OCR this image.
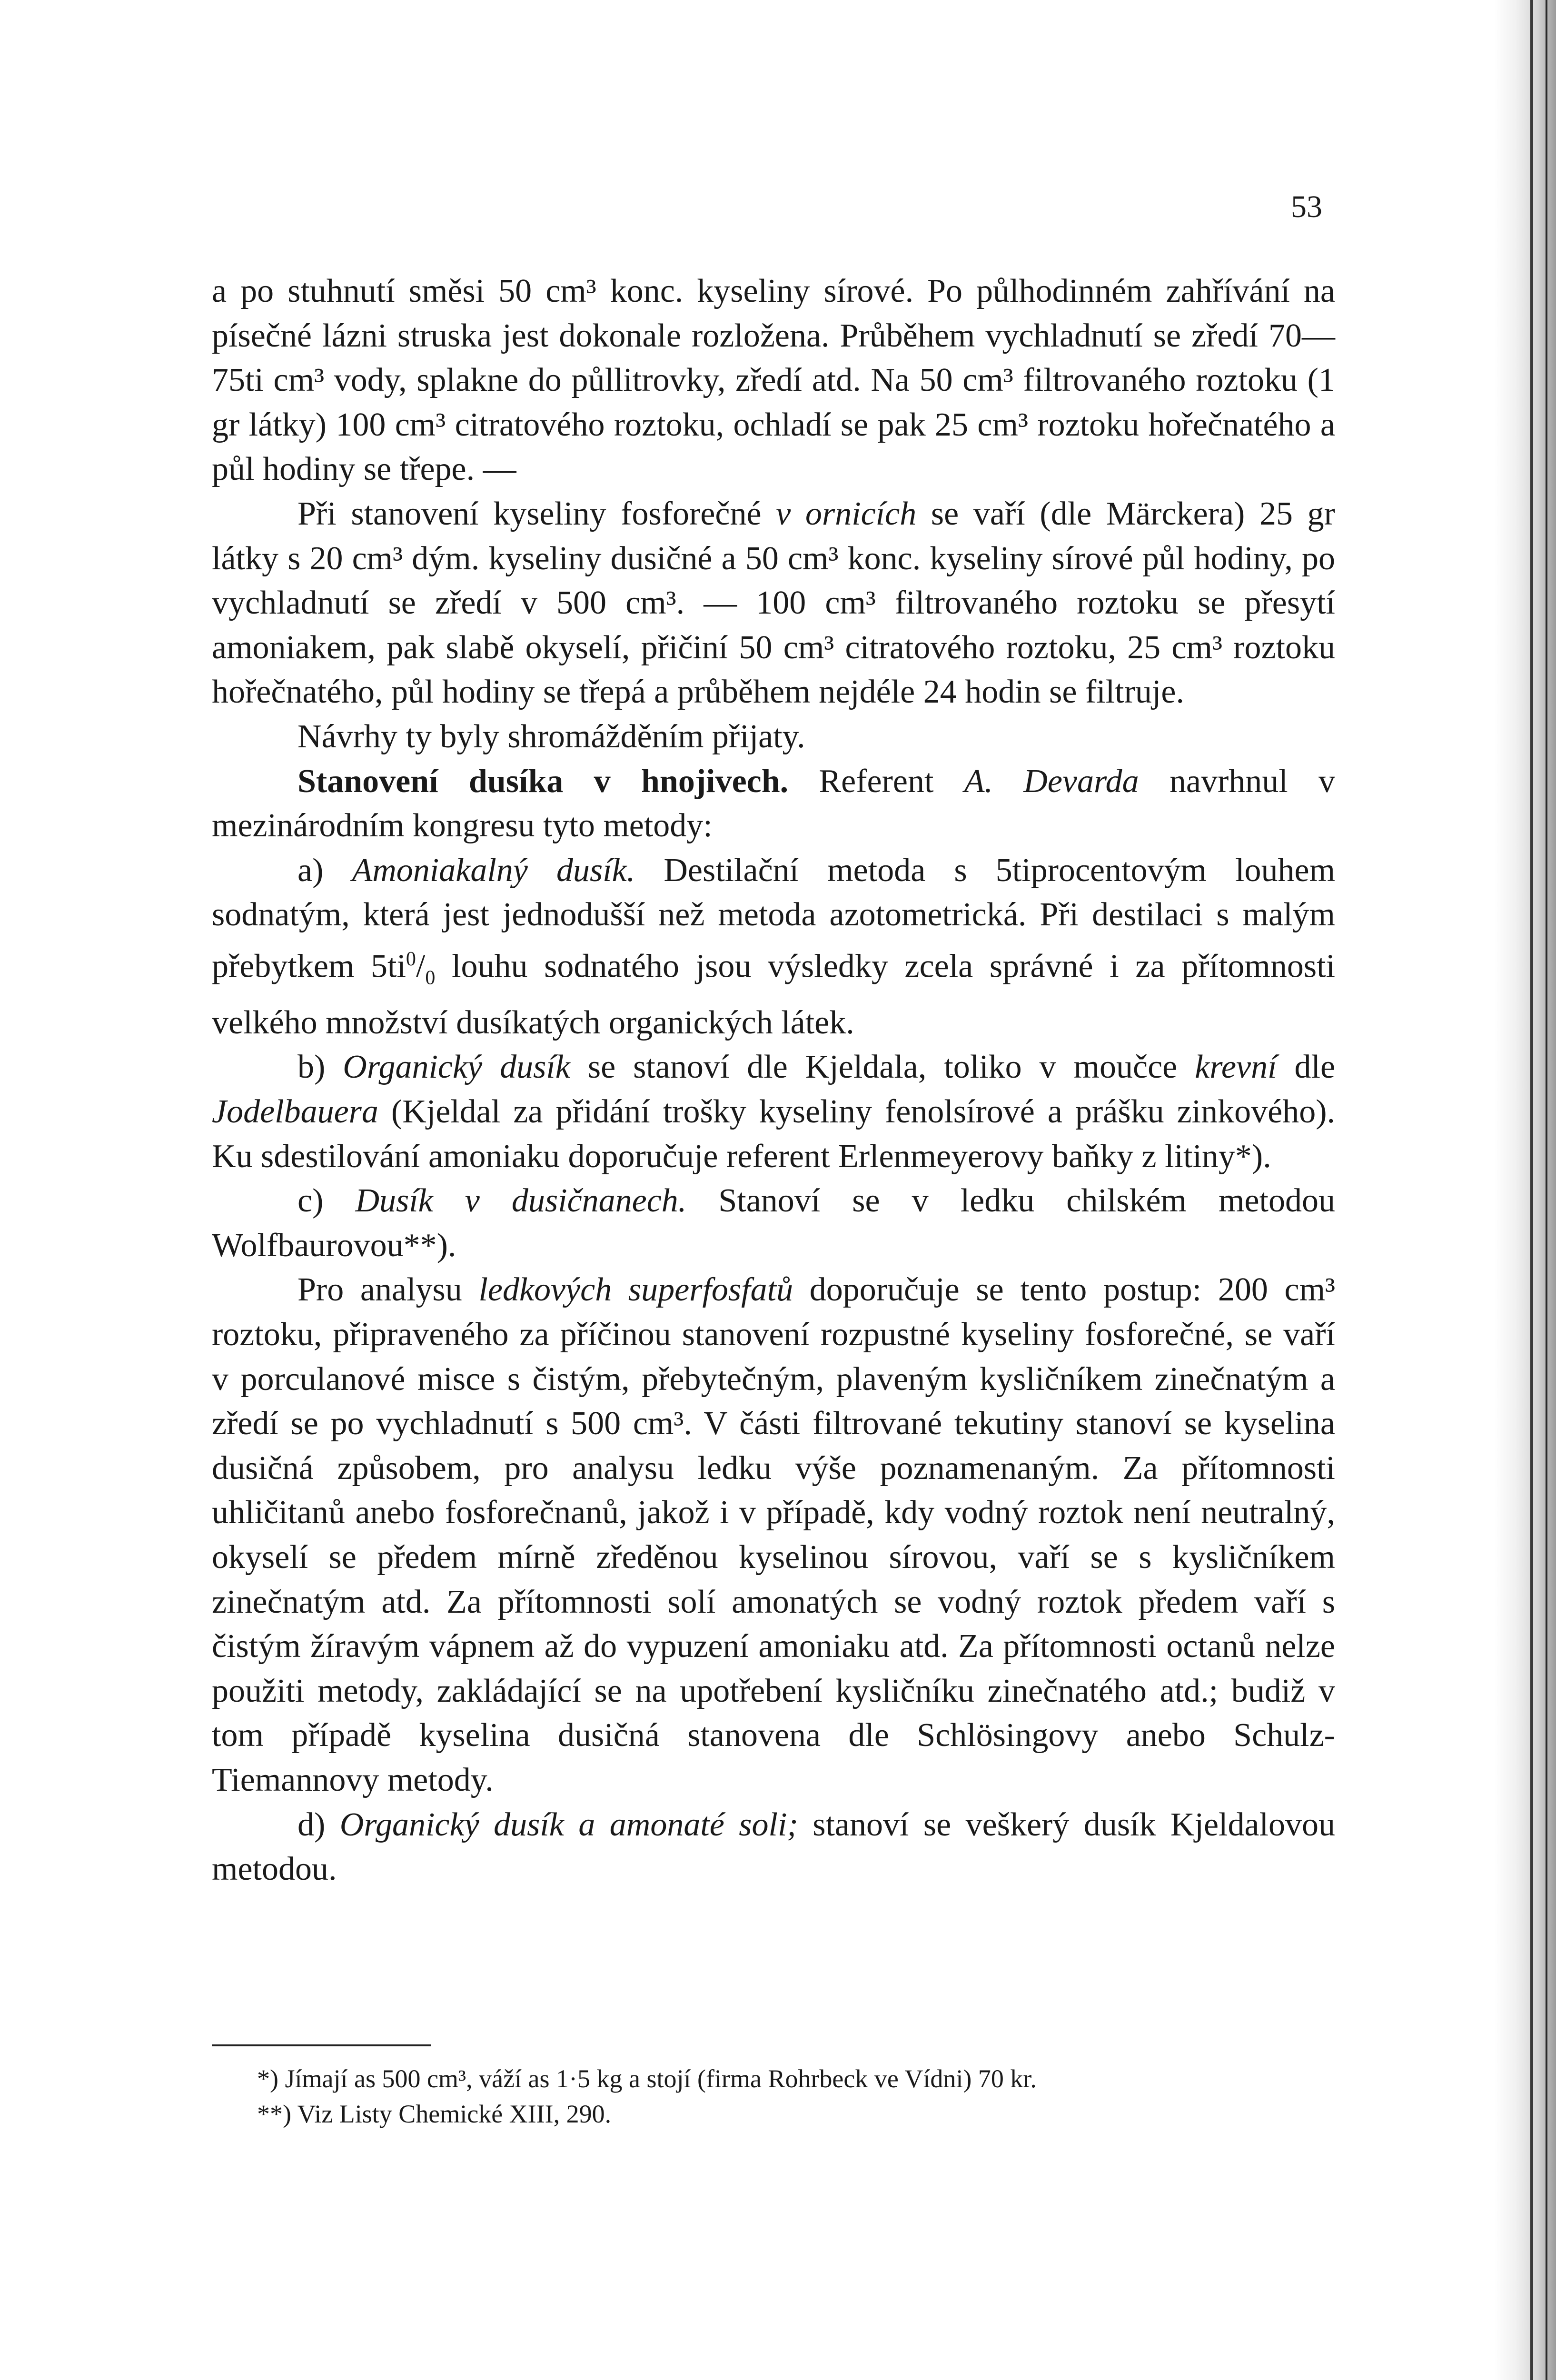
53

a po stuhnutí směsi 50 cm³ konc. kyseliny sírové. Po půlhodinném zahřívání na písečné lázni struska jest dokonale rozložena. Průběhem vychladnutí se zředí 70—75ti cm³ vody, splakne do půllitrovky, zředí atd. Na 50 cm³ filtrovaného roztoku (1 gr látky) 100 cm³ citratového roztoku, ochladí se pak 25 cm³ roztoku hořečnatého a půl hodiny se třepe. —

Při stanovení kyseliny fosforečné v ornicích se vaří (dle Märckera) 25 gr látky s 20 cm³ dým. kyseliny dusičné a 50 cm³ konc. kyseliny sírové půl hodiny, po vychladnutí se zředí v 500 cm³. — 100 cm³ filtrovaného roztoku se přesytí amoniakem, pak slabě okyselí, přičiní 50 cm³ citratového roztoku, 25 cm³ roztoku hořečnatého, půl hodiny se třepá a průběhem nejdéle 24 hodin se filtruje.

Návrhy ty byly shromážděním přijaty.

Stanovení dusíka v hnojivech. Referent A. Devarda navrhnul v mezinárodním kongresu tyto metody:

a) Amoniakalný dusík. Destilační metoda s 5tiprocentovým louhem sodnatým, která jest jednodušší než metoda azotometrická. Při destilaci s malým přebytkem $5ti^0/_0$ louhu sodnatého jsou výsledky zcela správné i za přítomnosti velkého množství dusíkatých organických látek.

b) Organický dusík se stanoví dle Kjeldala, toliko v moučce krevní dle Jodelbauera (Kjeldal za přidání trošky kyseliny fenolsírové a prášku zinkového). Ku sdestilování amoniaku doporučuje referent Erlenmeyerovy baňky z litiny*).

c) Dusík v dusičnanech. Stanoví se v ledku chilském metodou Wolfbaurovou**).

Pro analysu ledkových superfosfatů doporučuje se tento postup: 200 cm³ roztoku, připraveného za příčinou stanovení rozpustné kyseliny fosforečné, se vaří v porculanové misce s čistým, přebytečným, plaveným kysličníkem zinečnatým a zředí se po vychladnutí s 500 cm³. V části filtrované tekutiny stanoví se kyselina dusičná způsobem, pro analysu ledku výše poznamenaným. Za přítomnosti uhličitanů anebo fosforečnanů, jakož i v případě, kdy vodný roztok není neutralný, okyselí se předem mírně zředěnou kyselinou sírovou, vaří se s kysličníkem zinečnatým atd. Za přítomnosti solí amonatých se vodný roztok předem vaří s čistým žíravým vápnem až do vypuzení amoniaku atd. Za přítomnosti octanů nelze použiti metody, zakládající se na upotřebení kysličníku zinečnatého atd.; budiž v tom případě kyselina dusičná stanovena dle Schlösingovy anebo Schulz-Tiemannovy metody.

d) Organický dusík a amonaté soli; stanoví se veškerý dusík Kjeldalovou metodou.

*) Jímají as 500 cm³, váží as 1·5 kg a stojí (firma Rohrbeck ve Vídni) 70 kr.

**) Viz Listy Chemické XIII, 290.
